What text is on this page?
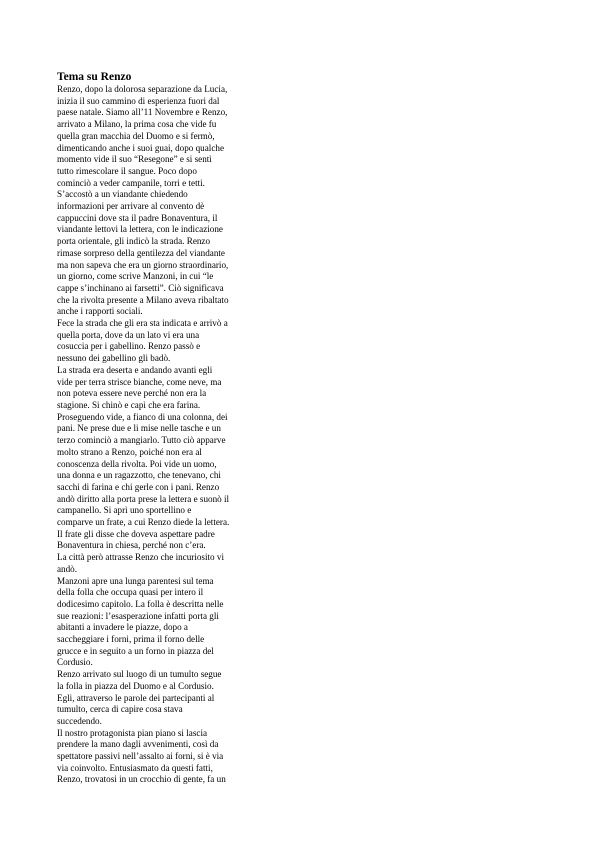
Tema su Renzo
Renzo, dopo la dolorosa separazione da Lucia,
inizia il suo cammino di esperienza fuori dal
paese natale. Siamo all’11 Novembre e Renzo,
arrivato a Milano, la prima cosa che vide fu
quella gran macchia del Duomo e si fermò,
dimenticando anche i suoi guai, dopo qualche
momento vide il suo “Resegone” e si sentì
tutto rimescolare il sangue. Poco dopo
cominciò a veder campanile, torri e tetti.
S’accostò a un viandante chiedendo
informazioni per arrivare al convento dè
cappuccini dove sta il padre Bonaventura, il
viandante lettovi la lettera, con le indicazione
porta orientale, gli indicò la strada. Renzo
rimase sorpreso della gentilezza del viandante
ma non sapeva che era un giorno straordinario,
un giorno, come scrive Manzoni, in cui “le
cappe s’inchinano ai farsetti”. Ciò significava
che la rivolta presente a Milano aveva ribaltato
anche i rapporti sociali.
Fece la strada che gli era sta indicata e arrivò a
quella porta, dove da un lato vi era una
cosuccia per i gabellino. Renzo passò e
nessuno dei gabellino gli badò.
La strada era deserta e andando avanti egli
vide per terra strisce bianche, come neve, ma
non poteva essere neve perché non era la
stagione. Si chinò e capì che era farina.
Proseguendo vide, a fianco di una colonna, dei
pani. Ne prese due e li mise nelle tasche e un
terzo cominciò a mangiarlo. Tutto ciò apparve
molto strano a Renzo, poiché non era al
conoscenza della rivolta. Poi vide un uomo,
una donna e un ragazzotto, che tenevano, chi
sacchi di farina e chi gerle con i pani. Renzo
andò diritto alla porta prese la lettera e suonò il
campanello. Si aprì uno sportellino e
comparve un frate, a cui Renzo diede la lettera.
Il frate gli disse che doveva aspettare padre
Bonaventura in chiesa, perché non c’era.
La città però attrasse Renzo che incuriosito vi
andò.
Manzoni apre una lunga parentesi sul tema
della folla che occupa quasi per intero il
dodicesimo capitolo. La folla è descritta nelle
sue reazioni: l’esasperazione infatti porta gli
abitanti a invadere le piazze, dopo a
saccheggiare i forni, prima il forno delle
grucce e in seguito a un forno in piazza del
Cordusio.
Renzo arrivato sul luogo di un tumulto segue
la folla in piazza del Duomo e al Cordusio.
Egli, attraverso le parole dei partecipanti al
tumulto, cerca di capire cosa stava
succedendo.
Il nostro protagonista pian piano si lascia
prendere la mano dagli avvenimenti, così da
spettatore passivi nell’assalto ai forni, si è via
via coinvolto. Entusiasmato da questi fatti,
Renzo, trovatosi in un crocchio di gente, fa un
